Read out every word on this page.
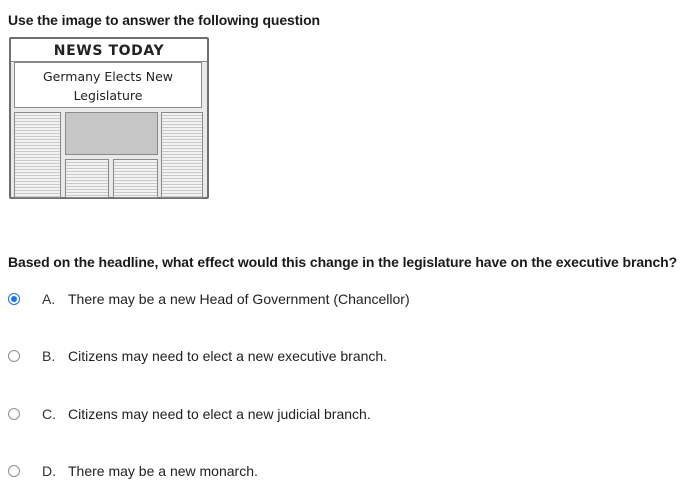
Use the image to answer the following question
NEWS TODAY
Germany Elects New
Legislature
Based on the headline, what effect would this change in the legislature have on the executive branch?
A. There may be a new Head of Government (Chancellor)
B. Citizens may need to elect a new executive branch.
C. Citizens may need to elect a new judicial branch.
D. There may be a new monarch.
